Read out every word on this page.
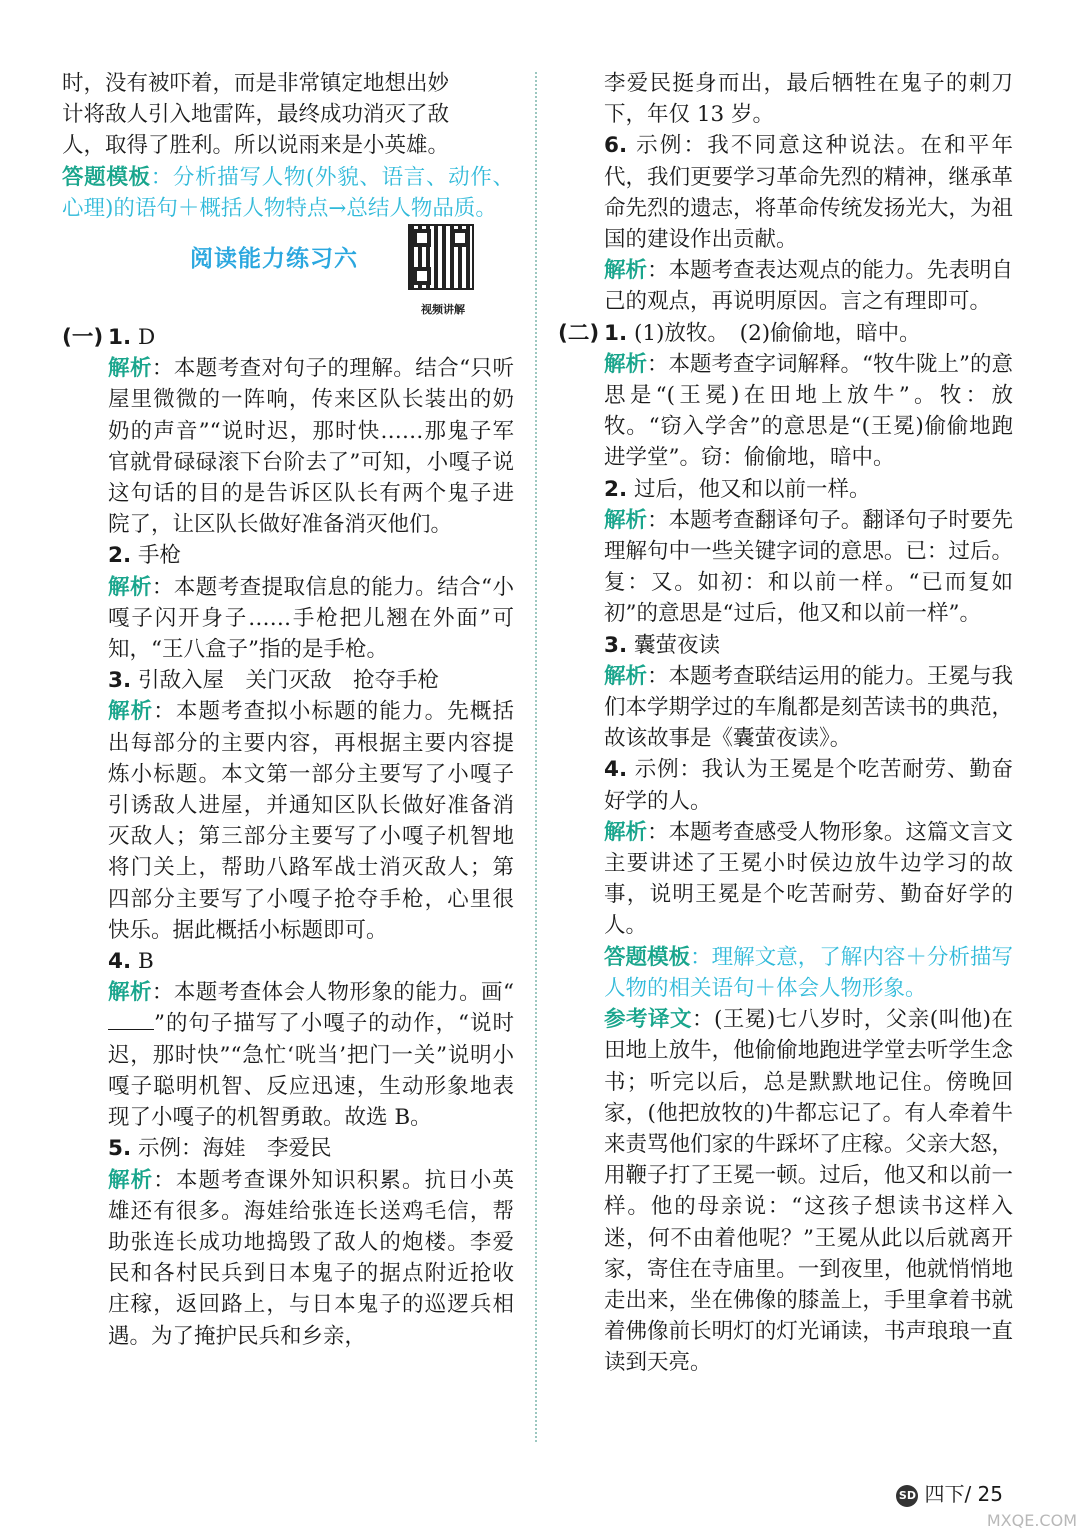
时，没有被吓着，而是非常镇定地想出妙

计将敌人引入地雷阵，最终成功消灭了敌

人，取得了胜利。所以说雨来是小英雄。

答题模板：分析描写人物(外貌、语言、动作、心理)的语句＋概括人物特点→总结人物品质。

阅读能力练习六
视频讲解

(一) 1. D

解析：本题考查对句子的理解。结合“只听屋里微微的一阵响，传来区队长装出的奶奶的声音”“说时迟，那时快……那鬼子军官就骨碌碌滚下台阶去了”可知，小嘎子说这句话的目的是告诉区队长有两个鬼子进院了，让区队长做好准备消灭他们。

2. 手枪

解析：本题考查提取信息的能力。结合“小嘎子闪开身子……手枪把儿翘在外面”可知，“王八盒子”指的是手枪。

3. 引敌入屋　关门灭敌　抢夺手枪

解析：本题考查拟小标题的能力。先概括出每部分的主要内容，再根据主要内容提炼小标题。本文第一部分主要写了小嘎子引诱敌人进屋，并通知区队长做好准备消灭敌人；第三部分主要写了小嘎子机智地将门关上，帮助八路军战士消灭敌人；第四部分主要写了小嘎子抢夺手枪，心里很快乐。据此概括小标题即可。

4. B

解析：本题考查体会人物形象的能力。画“”的句子描写了小嘎子的动作，“说时迟，那时快”“急忙‘咣当’把门一关”说明小嘎子聪明机智、反应迅速，生动形象地表现了小嘎子的机智勇敢。故选 B。

5. 示例：海娃　李爱民

解析：本题考查课外知识积累。抗日小英雄还有很多。海娃给张连长送鸡毛信，帮助张连长成功地捣毁了敌人的炮楼。李爱民和各村民兵到日本鬼子的据点附近抢收庄稼，返回路上，与日本鬼子的巡逻兵相遇。为了掩护民兵和乡亲，

李爱民挺身而出，最后牺牲在鬼子的刺刀下，年仅 13 岁。

6. 示例：我不同意这种说法。在和平年代，我们更要学习革命先烈的精神，继承革命先烈的遗志，将革命传统发扬光大，为祖国的建设作出贡献。

解析：本题考查表达观点的能力。先表明自己的观点，再说明原因。言之有理即可。

(二) 1. (1)放牧。　(2)偷偷地，暗中。

解析：本题考查字词解释。“牧牛陇上”的意思是“(王冕)在田地上放牛”。牧：放牧。“窃入学舍”的意思是“(王冕)偷偷地跑进学堂”。窃：偷偷地，暗中。

2. 过后，他又和以前一样。

解析：本题考查翻译句子。翻译句子时要先理解句中一些关键字词的意思。已：过后。复：又。如初：和以前一样。“已而复如初”的意思是“过后，他又和以前一样”。

3. 囊萤夜读

解析：本题考查联结运用的能力。王冕与我们本学期学过的车胤都是刻苦读书的典范，故该故事是《囊萤夜读》。

4. 示例：我认为王冕是个吃苦耐劳、勤奋好学的人。

解析：本题考查感受人物形象。这篇文言文主要讲述了王冕小时侯边放牛边学习的故事，说明王冕是个吃苦耐劳、勤奋好学的人。

答题模板：理解文意，了解内容＋分析描写人物的相关语句＋体会人物形象。

参考译文：(王冕)七八岁时，父亲(叫他)在田地上放牛，他偷偷地跑进学堂去听学生念书；听完以后，总是默默地记住。傍晚回家，(他把放牧的)牛都忘记了。有人牵着牛来责骂他们家的牛踩坏了庄稼。父亲大怒，用鞭子打了王冕一顿。过后，他又和以前一样。他的母亲说：“这孩子想读书这样入迷，何不由着他呢？”王冕从此以后就离开家，寄住在寺庙里。一到夜里，他就悄悄地走出来，坐在佛像的膝盖上，手里拿着书就着佛像前长明灯的灯光诵读，书声琅琅一直读到天亮。

SD 四下/ 25
MXQE.COM
